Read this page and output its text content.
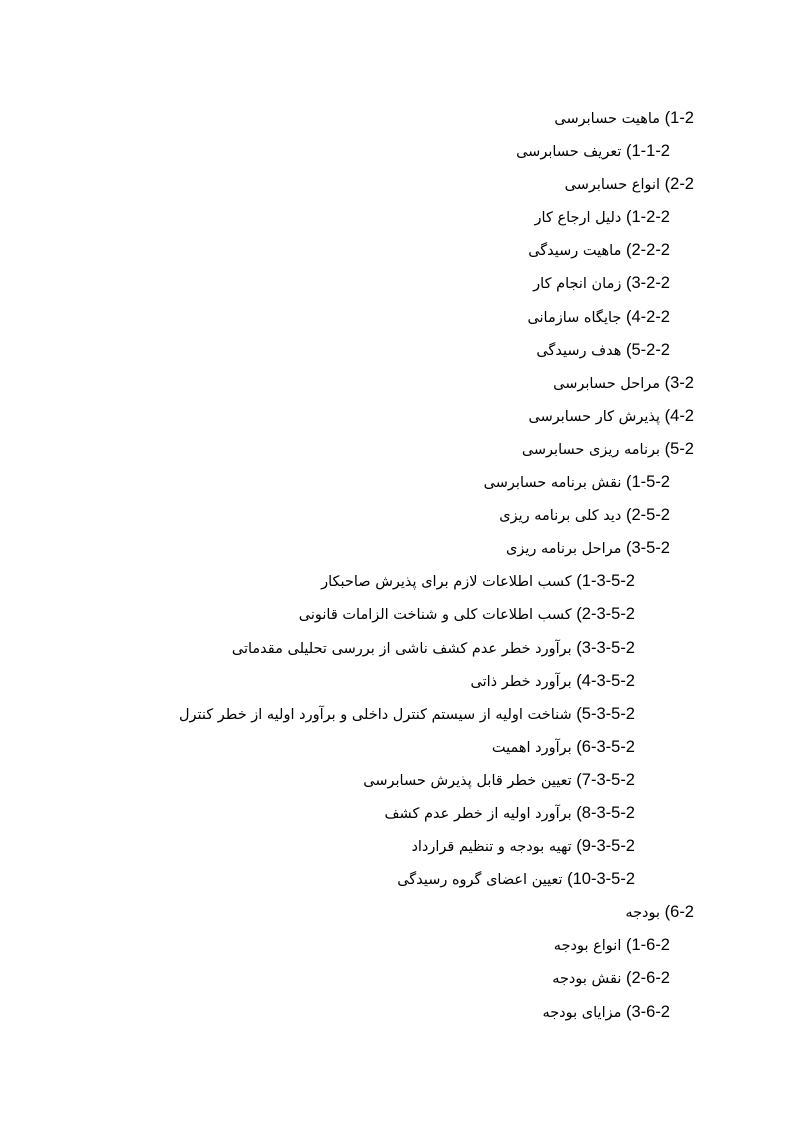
1-2) ماهیت حسابرسی
1-1-2) تعریف حسابرسی
2-2) انواع حسابرسی
1-2-2) دلیل ارجاع کار
2-2-2) ماهیت رسیدگی
3-2-2) زمان انجام کار
4-2-2) جایگاه سازمانی
5-2-2) هدف رسیدگی
3-2) مراحل حسابرسی
4-2) پذیرش کار حسابرسی
5-2) برنامه ریزی حسابرسی
1-5-2) نقش برنامه حسابرسی
2-5-2) دید کلی برنامه ریزی
3-5-2) مراحل برنامه ریزی
1-3-5-2) کسب اطلاعات لازم برای پذیرش صاحبکار
2-3-5-2) کسب اطلاعات کلی و شناخت الزامات قانونی
3-3-5-2) برآورد خطر عدم کشف ناشی از بررسی تحلیلی مقدماتی
4-3-5-2) برآورد خطر ذاتی
5-3-5-2) شناخت اولیه از سیستم کنترل داخلی و برآورد اولیه از خطر کنترل
6-3-5-2) برآورد اهمیت
7-3-5-2) تعیین خطر قابل پذیرش حسابرسی
8-3-5-2) برآورد اولیه از خطر عدم کشف
9-3-5-2) تهیه بودجه و تنظیم قرارداد
10-3-5-2) تعیین اعضای گروه رسیدگی
6-2) بودجه
1-6-2) انواع بودجه
2-6-2) نقش بودجه
3-6-2) مزایای بودجه
